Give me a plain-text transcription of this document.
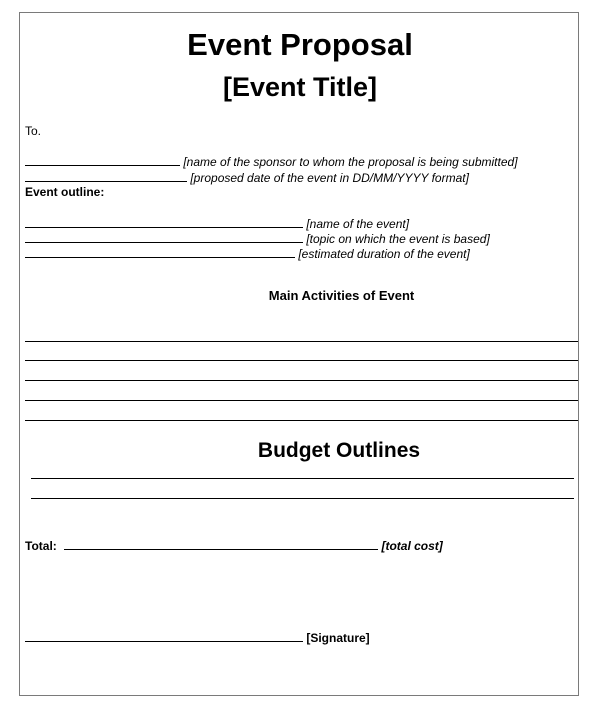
Event Proposal
[Event Title]
To.
[name of the sponsor to whom the proposal is being submitted]
[proposed date of the event in DD/MM/YYYY format]
Event outline:
[name of the event]
[topic on which the event is based]
[estimated duration of the event]
Main Activities of Event
Budget Outlines
Total:	[total cost]
[Signature]
